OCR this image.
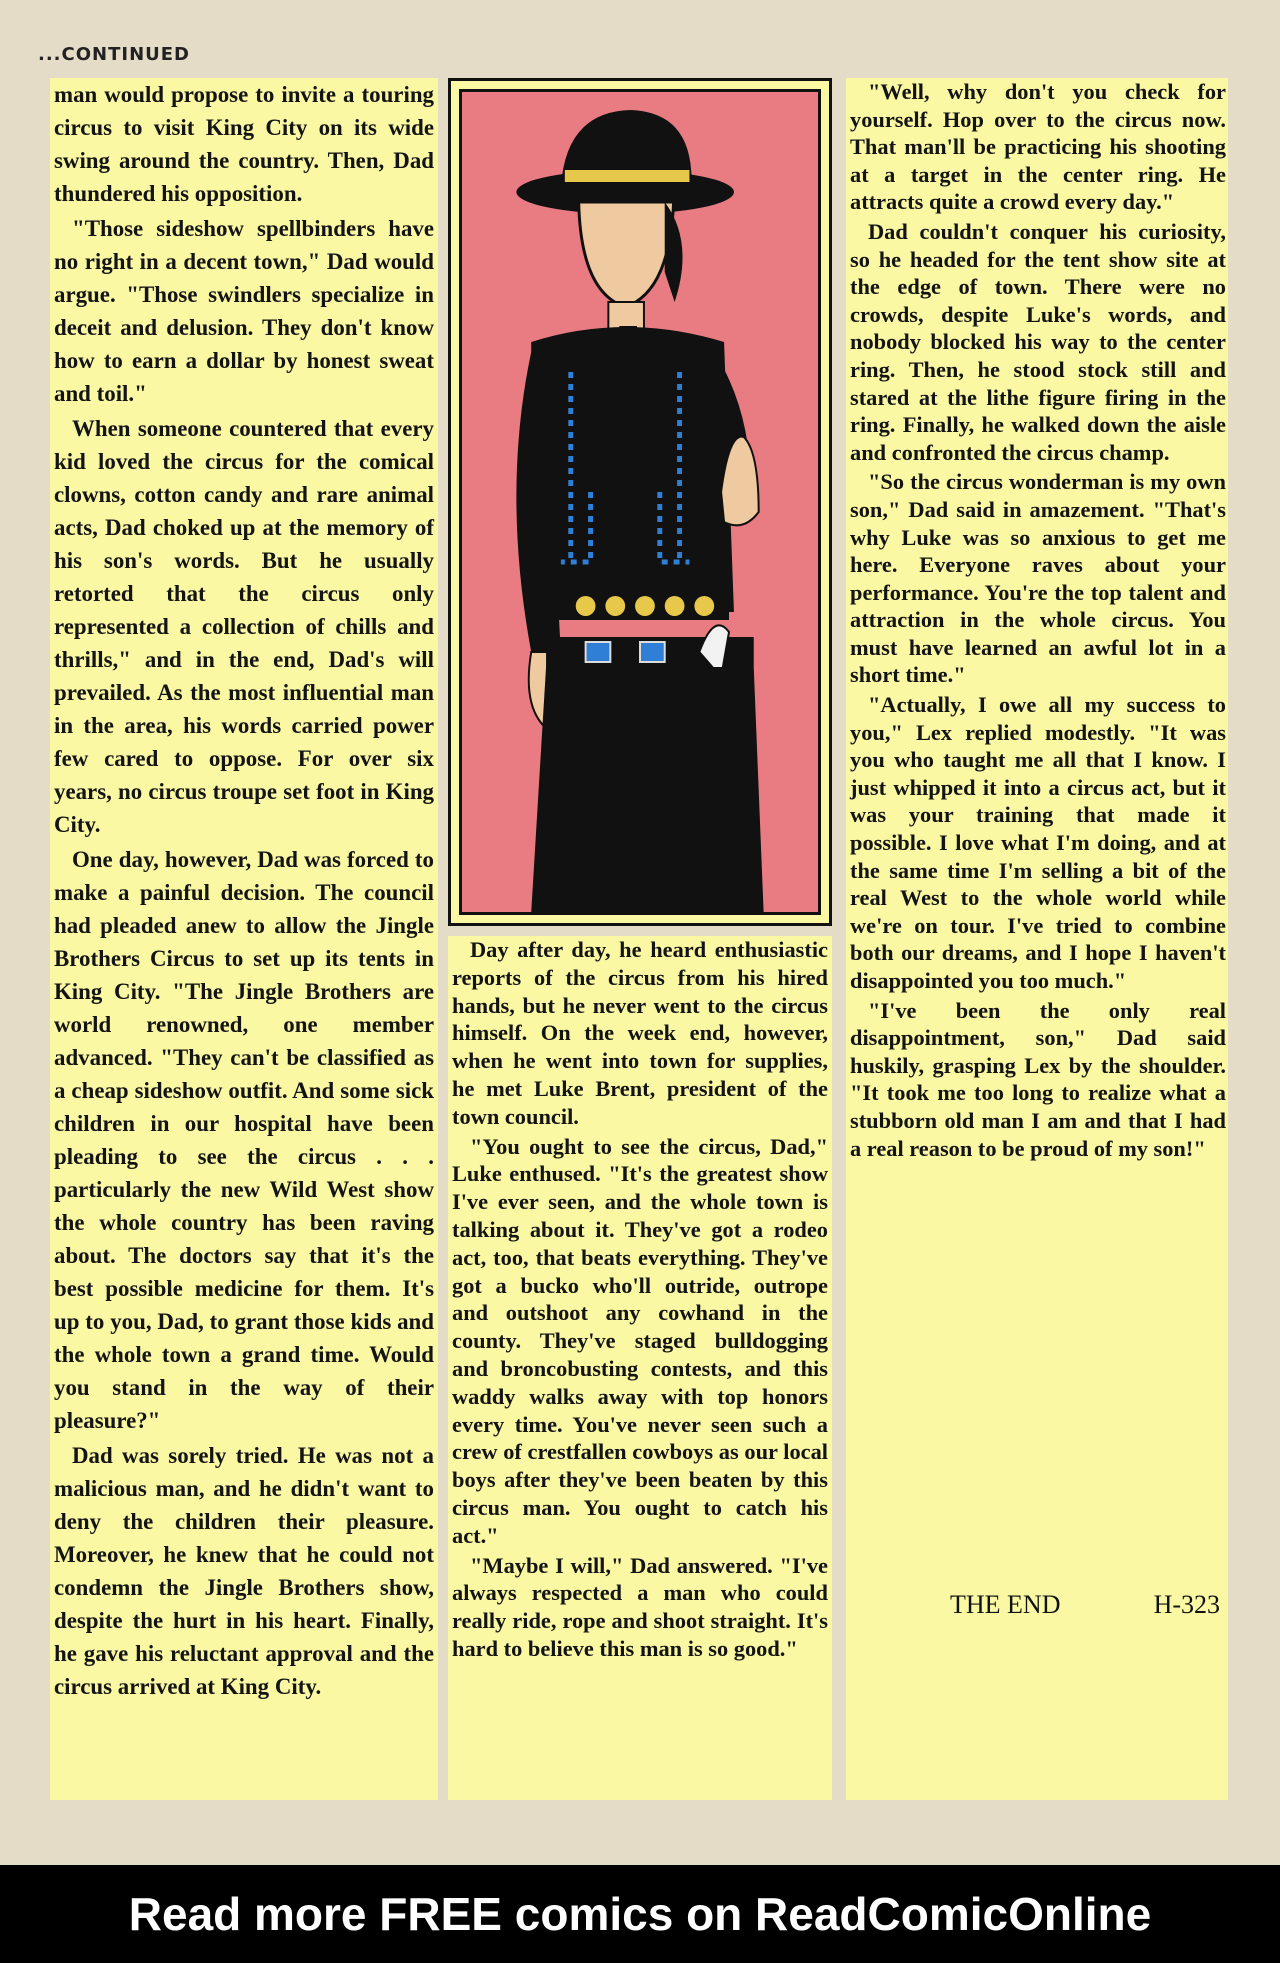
...CONTINUED

man would propose to invite a touring circus to visit King City on its wide swing around the country. Then, Dad thundered his opposition.

"Those sideshow spellbinders have no right in a decent town," Dad would argue. "Those swindlers specialize in deceit and delusion. They don't know how to earn a dollar by honest sweat and toil."

When someone countered that every kid loved the circus for the comical clowns, cotton candy and rare animal acts, Dad choked up at the memory of his son's words. But he usually retorted that the circus only represented a collection of chills and thrills," and in the end, Dad's will prevailed. As the most influential man in the area, his words carried power few cared to oppose. For over six years, no circus troupe set foot in King City.

One day, however, Dad was forced to make a painful decision. The council had pleaded anew to allow the Jingle Brothers Circus to set up its tents in King City. "The Jingle Brothers are world renowned, one member advanced. "They can't be classified as a cheap sideshow outfit. And some sick children in our hospital have been pleading to see the circus . . . particularly the new Wild West show the whole country has been raving about. The doctors say that it's the best possible medicine for them. It's up to you, Dad, to grant those kids and the whole town a grand time. Would you stand in the way of their pleasure?"

Dad was sorely tried. He was not a malicious man, and he didn't want to deny the children their pleasure. Moreover, he knew that he could not condemn the Jingle Brothers show, despite the hurt in his heart. Finally, he gave his reluctant approval and the circus arrived at King City.

Day after day, he heard enthusiastic reports of the circus from his hired hands, but he never went to the circus himself. On the week end, however, when he went into town for supplies, he met Luke Brent, president of the town council.

"You ought to see the circus, Dad," Luke enthused. "It's the greatest show I've ever seen, and the whole town is talking about it. They've got a rodeo act, too, that beats everything. They've got a bucko who'll outride, outrope and outshoot any cowhand in the county. They've staged bulldogging and broncobusting contests, and this waddy walks away with top honors every time. You've never seen such a crew of crestfallen cowboys as our local boys after they've been beaten by this circus man. You ought to catch his act."

"Maybe I will," Dad answered. "I've always respected a man who could really ride, rope and shoot straight. It's hard to believe this man is so good."

"Well, why don't you check for yourself. Hop over to the circus now. That man'll be practicing his shooting at a target in the center ring. He attracts quite a crowd every day."

Dad couldn't conquer his curiosity, so he headed for the tent show site at the edge of town. There were no crowds, despite Luke's words, and nobody blocked his way to the center ring. Then, he stood stock still and stared at the lithe figure firing in the ring. Finally, he walked down the aisle and confronted the circus champ.

"So the circus wonderman is my own son," Dad said in amazement. "That's why Luke was so anxious to get me here. Everyone raves about your performance. You're the top talent and attraction in the whole circus. You must have learned an awful lot in a short time."

"Actually, I owe all my success to you," Lex replied modestly. "It was you who taught me all that I know. I just whipped it into a circus act, but it was your training that made it possible. I love what I'm doing, and at the same time I'm selling a bit of the real West to the whole world while we're on tour. I've tried to combine both our dreams, and I hope I haven't disappointed you too much."

"I've been the only real disappointment, son," Dad said huskily, grasping Lex by the shoulder. "It took me too long to realize what a stubborn old man I am and that I had a real reason to be proud of my son!"

THE END	H-323
Read more FREE comics on ReadComicOnline
